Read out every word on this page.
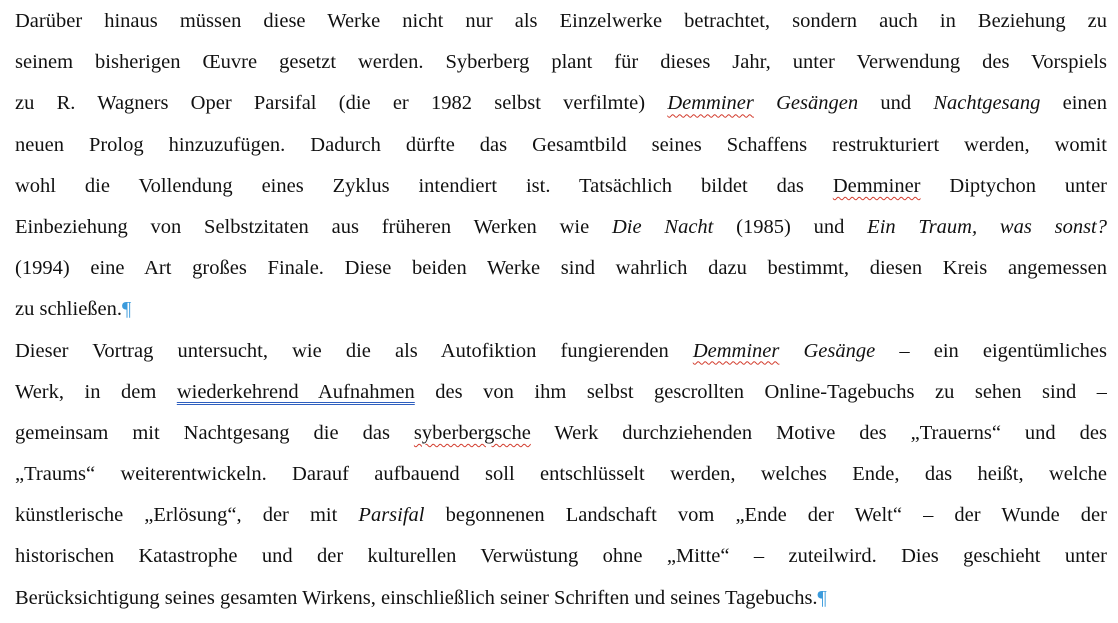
Darüber hinaus müssen diese Werke nicht nur als Einzelwerke betrachtet, sondern auch in Beziehung zu
seinem bisherigen Œuvre gesetzt werden. Syberberg plant für dieses Jahr, unter Verwendung des Vorspiels
zu R. Wagners Oper Parsifal (die er 1982 selbst verfilmte) Demminer Gesängen und Nachtgesang einen
neuen Prolog hinzuzufügen. Dadurch dürfte das Gesamtbild seines Schaffens restrukturiert werden, womit
wohl die Vollendung eines Zyklus intendiert ist. Tatsächlich bildet das Demminer Diptychon unter
Einbeziehung von Selbstzitaten aus früheren Werken wie Die Nacht (1985) und Ein Traum, was sonst?
(1994) eine Art großes Finale. Diese beiden Werke sind wahrlich dazu bestimmt, diesen Kreis angemessen
zu schließen.¶
Dieser Vortrag untersucht, wie die als Autofiktion fungierenden Demminer Gesänge – ein eigentümliches
Werk, in dem wiederkehrend Aufnahmen des von ihm selbst gescrollten Online-Tagebuchs zu sehen sind –
gemeinsam mit Nachtgesang die das syberbergsche Werk durchziehenden Motive des „Trauerns“ und des
„Traums“ weiterentwickeln. Darauf aufbauend soll entschlüsselt werden, welches Ende, das heißt, welche
künstlerische „Erlösung“, der mit Parsifal begonnenen Landschaft vom „Ende der Welt“ – der Wunde der
historischen Katastrophe und der kulturellen Verwüstung ohne „Mitte“ – zuteilwird. Dies geschieht unter
Berücksichtigung seines gesamten Wirkens, einschließlich seiner Schriften und seines Tagebuchs.¶
